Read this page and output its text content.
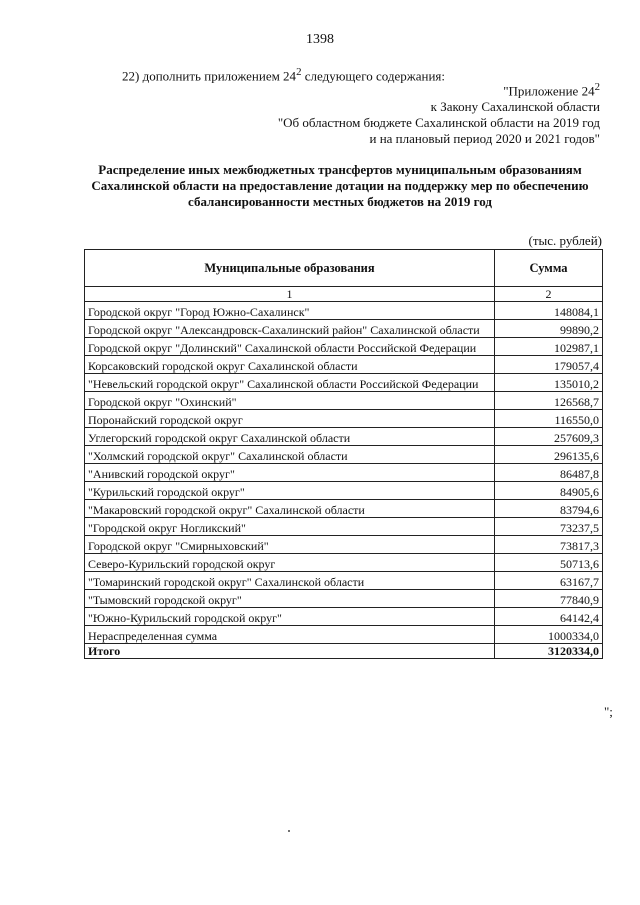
1398
22) дополнить приложением $24^2$ следующего содержания:
"Приложение $24^2$
к Закону Сахалинской области
"Об областном бюджете Сахалинской области на 2019 год
и на плановый период 2020 и 2021 годов"
Распределение иных межбюджетных трансфертов муниципальным образованиям
Сахалинской области на предоставление дотации на поддержку мер по обеспечению
сбалансированности местных бюджетов на 2019 год
(тыс. рублей)
Муниципальные образования	Сумма
1	2
Городской округ "Город Южно-Сахалинск"	148084,1
Городской округ "Александровск-Сахалинский район" Сахалинской области	99890,2
Городской округ "Долинский" Сахалинской области Российской Федерации	102987,1
Корсаковский городской округ Сахалинской области	179057,4
"Невельский городской округ" Сахалинской области Российской Федерации	135010,2
Городской округ "Охинский"	126568,7
Поронайский городской округ	116550,0
Углегорский городской округ Сахалинской области	257609,3
"Холмский городской округ" Сахалинской области	296135,6
"Анивский городской округ"	86487,8
"Курильский городской округ"	84905,6
"Макаровский городской округ" Сахалинской области	83794,6
"Городской округ Ногликский"	73237,5
Городской округ "Смирныховский"	73817,3
Северо-Курильский городской округ	50713,6
"Томаринский городской округ" Сахалинской области	63167,7
"Тымовский городской округ"	77840,9
"Южно-Курильский городской округ"	64142,4
Нераспределенная сумма	1000334,0
Итого	3120334,0
";
